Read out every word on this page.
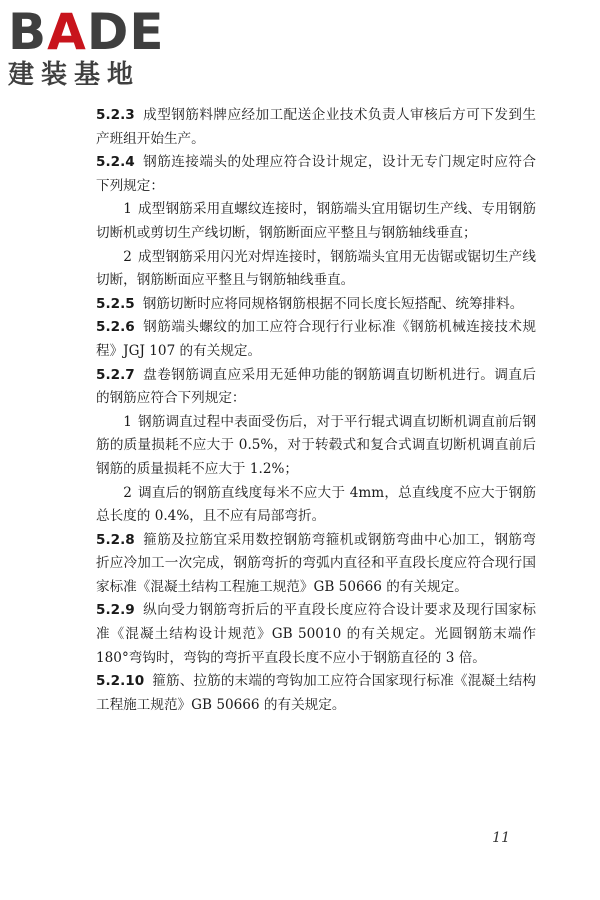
BADE
建装基地

5.2.3 成型钢筋料牌应经加工配送企业技术负责人审核后方可下发到生产班组开始生产。

5.2.4 钢筋连接端头的处理应符合设计规定，设计无专门规定时应符合下列规定：

1 成型钢筋采用直螺纹连接时，钢筋端头宜用锯切生产线、专用钢筋切断机或剪切生产线切断，钢筋断面应平整且与钢筋轴线垂直；

2 成型钢筋采用闪光对焊连接时，钢筋端头宜用无齿锯或锯切生产线切断，钢筋断面应平整且与钢筋轴线垂直。

5.2.5 钢筋切断时应将同规格钢筋根据不同长度长短搭配、统筹排料。

5.2.6 钢筋端头螺纹的加工应符合现行行业标准《钢筋机械连接技术规程》JGJ 107 的有关规定。

5.2.7 盘卷钢筋调直应采用无延伸功能的钢筋调直切断机进行。调直后的钢筋应符合下列规定：

1 钢筋调直过程中表面受伤后，对于平行辊式调直切断机调直前后钢筋的质量损耗不应大于 0.5%，对于转毂式和复合式调直切断机调直前后钢筋的质量损耗不应大于 1.2%；

2 调直后的钢筋直线度每米不应大于 4mm，总直线度不应大于钢筋总长度的 0.4%，且不应有局部弯折。

5.2.8 箍筋及拉筋宜采用数控钢筋弯箍机或钢筋弯曲中心加工，钢筋弯折应冷加工一次完成，钢筋弯折的弯弧内直径和平直段长度应符合现行国家标准《混凝土结构工程施工规范》GB 50666 的有关规定。

5.2.9 纵向受力钢筋弯折后的平直段长度应符合设计要求及现行国家标准《混凝土结构设计规范》GB 50010 的有关规定。光圆钢筋末端作 180°弯钩时，弯钩的弯折平直段长度不应小于钢筋直径的 3 倍。

5.2.10 箍筋、拉筋的末端的弯钩加工应符合国家现行标准《混凝土结构工程施工规范》GB 50666 的有关规定。

11
